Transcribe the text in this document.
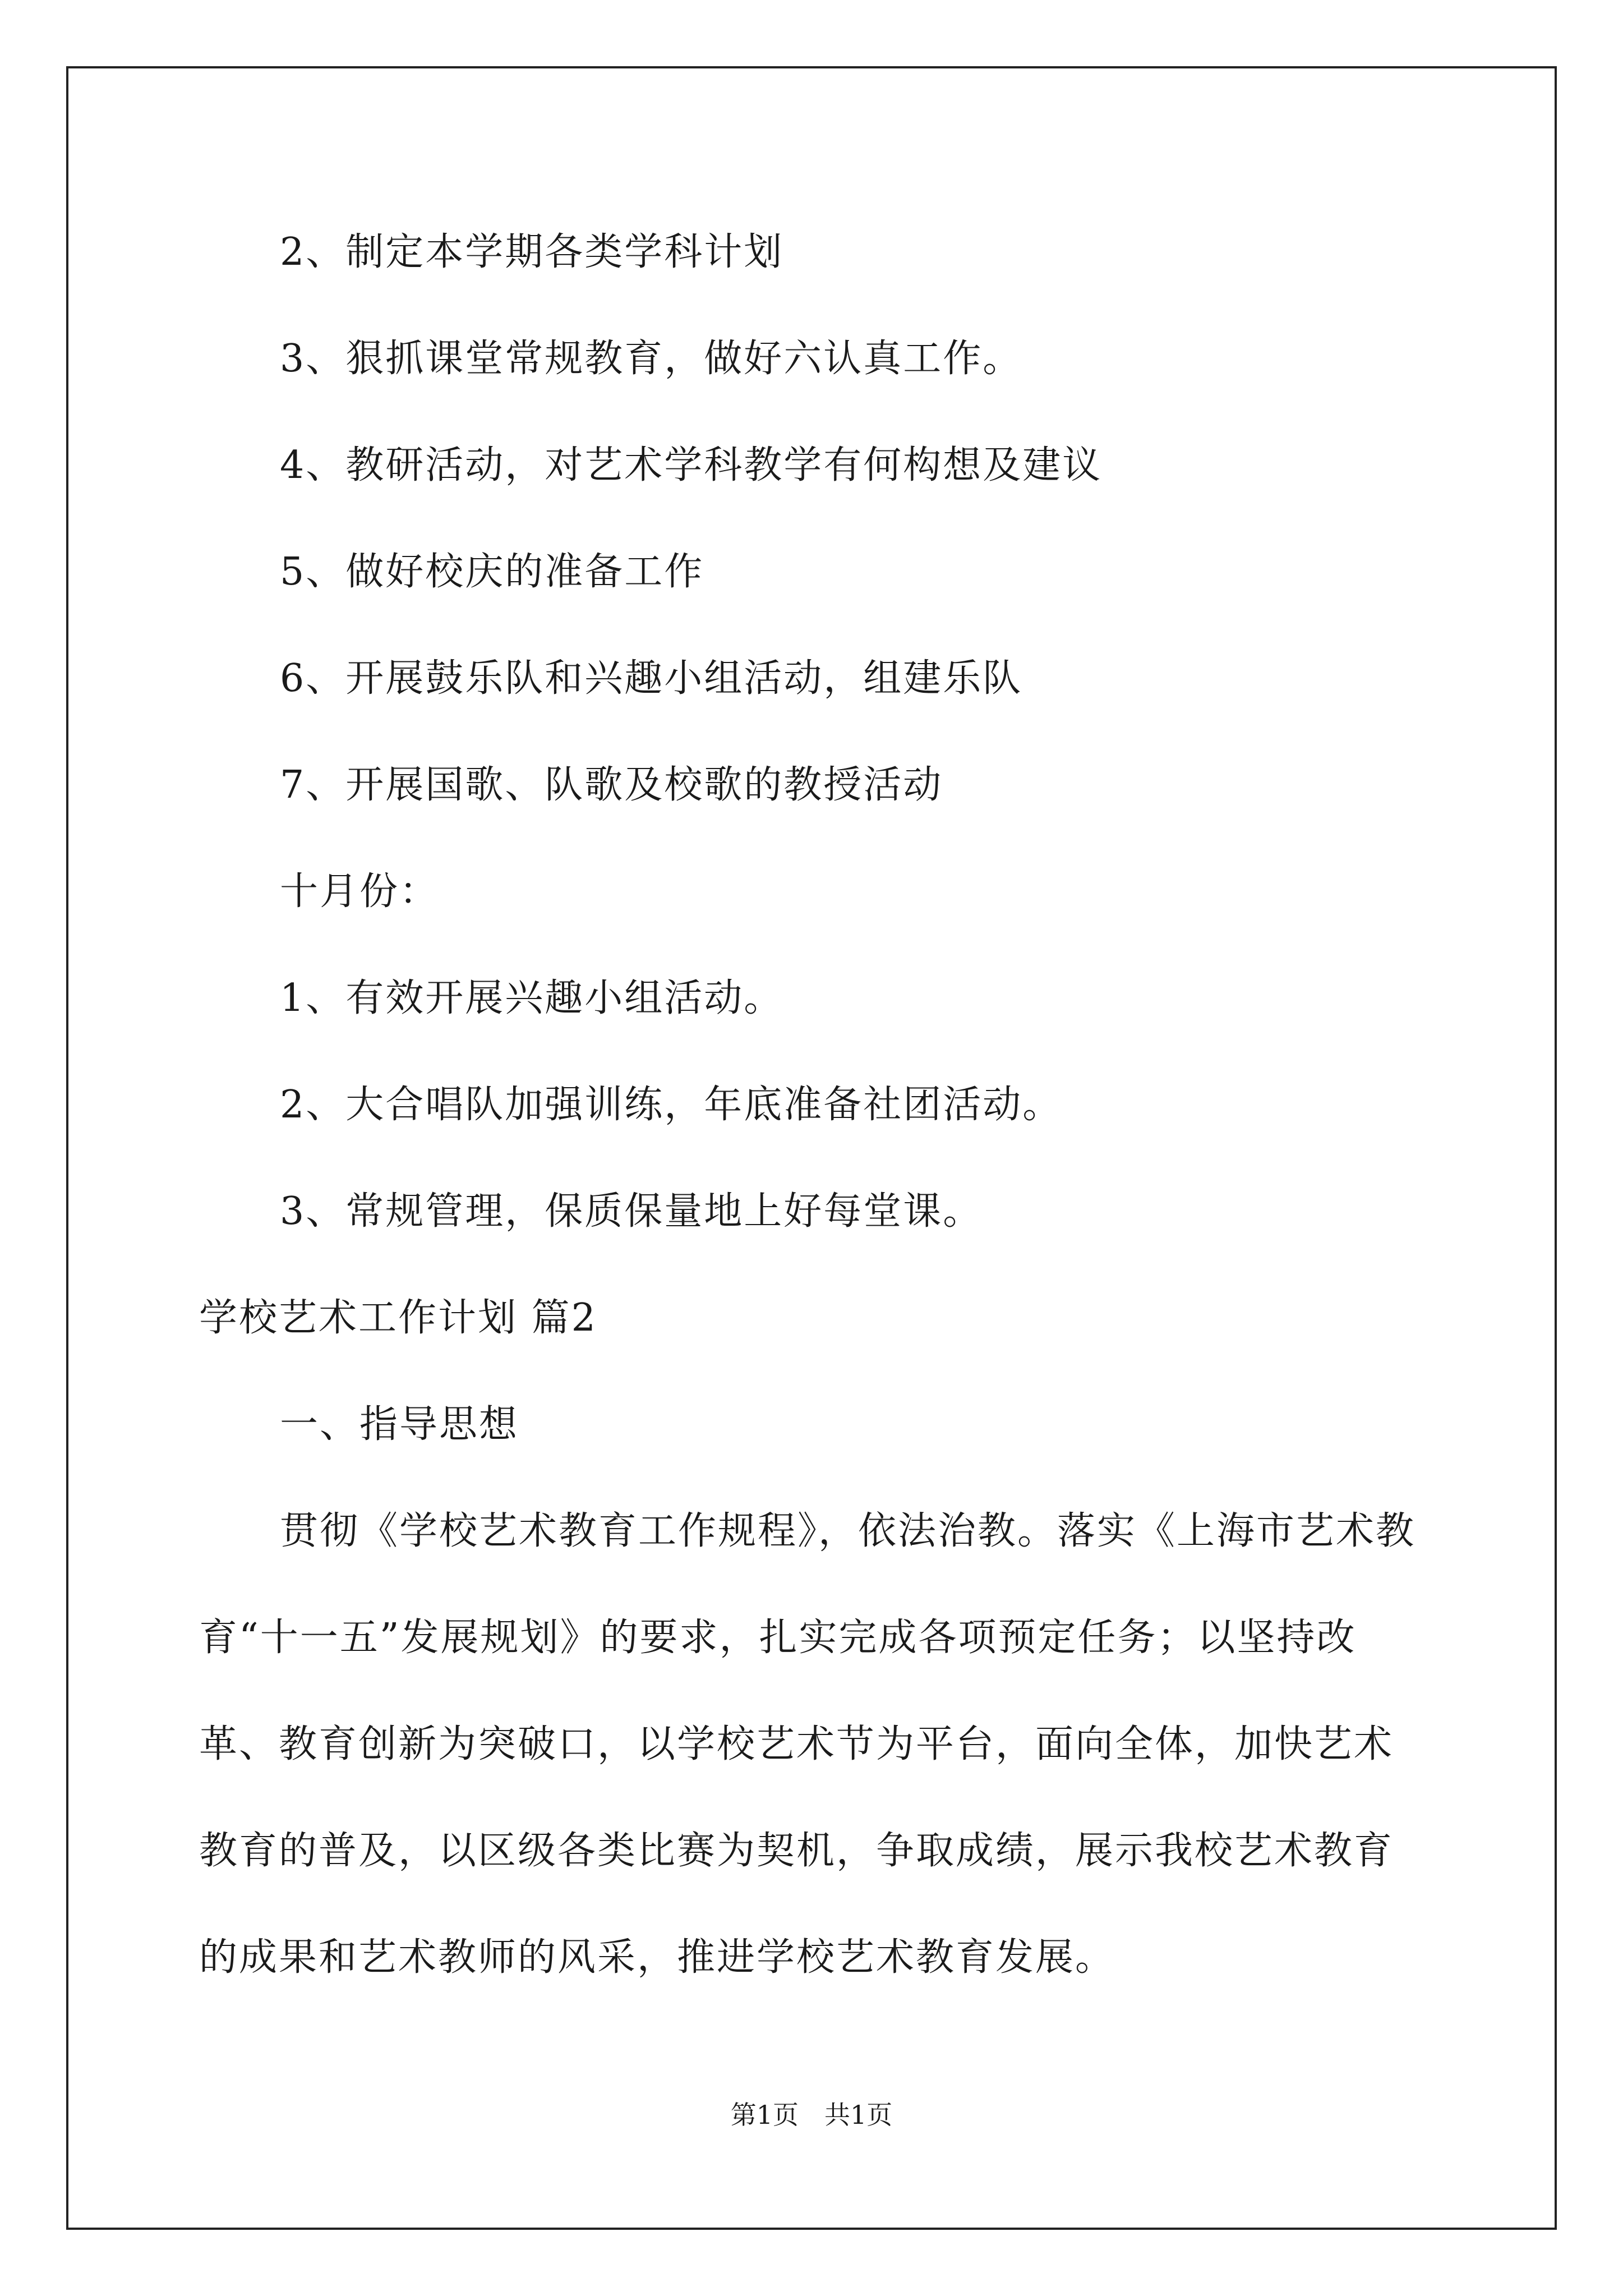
2、制定本学期各类学科计划
3、狠抓课堂常规教育，做好六认真工作。
4、教研活动，对艺术学科教学有何构想及建议
5、做好校庆的准备工作
6、开展鼓乐队和兴趣小组活动，组建乐队
7、开展国歌、队歌及校歌的教授活动
十月份：
1、有效开展兴趣小组活动。
2、大合唱队加强训练，年底准备社团活动。
3、常规管理，保质保量地上好每堂课。
学校艺术工作计划 篇2
一、指导思想
贯彻《学校艺术教育工作规程》，依法治教。落实《上海市艺术教
育“十一五”发展规划》的要求，扎实完成各项预定任务；以坚持改
革、教育创新为突破口，以学校艺术节为平台，面向全体，加快艺术
教育的普及，以区级各类比赛为契机，争取成绩，展示我校艺术教育
的成果和艺术教师的风采，推进学校艺术教育发展。
第1页　共1页
